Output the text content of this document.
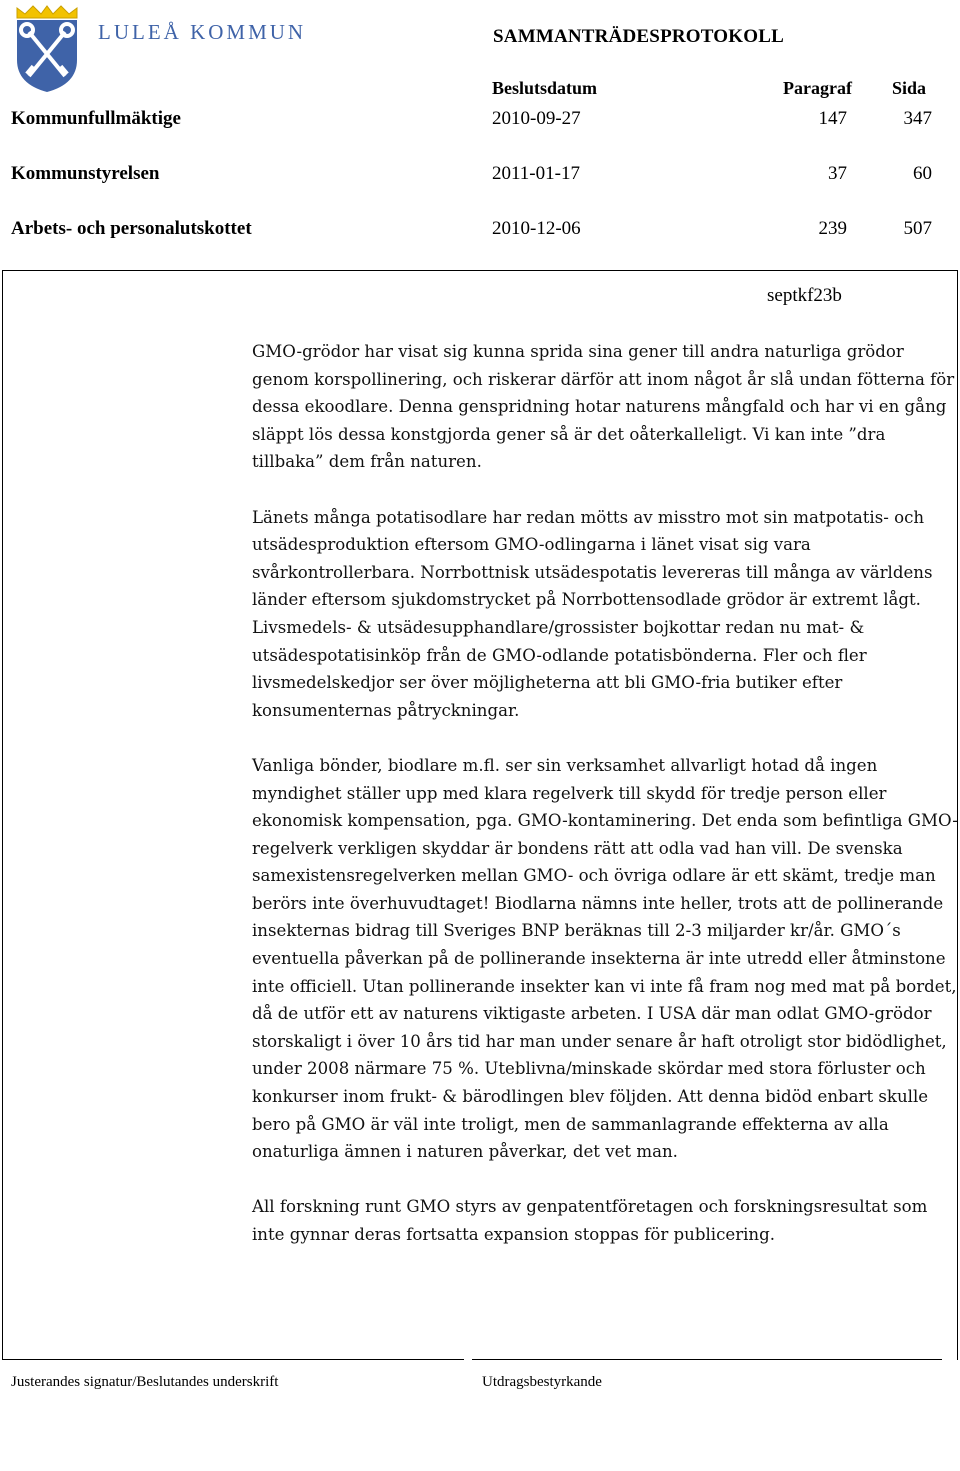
LULEÅ KOMMUN	SAMMANTRÄDESPROTOKOLL
Beslutsdatum	Paragraf Sida
Kommunfullmäktige	2010-09-27	147	347
Kommunstyrelsen	2011-01-17	37	60
Arbets- och personalutskottet	2010-12-06	239	507
septkf23b

GMO-grödor har visat sig kunna sprida sina gener till andra naturliga grödor genom korspollinering, och riskerar därför att inom något år slå undan fötterna för dessa ekoodlare. Denna genspridning hotar naturens mångfald och har vi en gång släppt lös dessa konstgjorda gener så är det oåterkalleligt. Vi kan inte ”dra tillbaka” dem från naturen.

Länets många potatisodlare har redan mötts av misstro mot sin matpotatis- och utsädesproduktion eftersom GMO-odlingarna i länet visat sig vara svårkontrollerbara. Norrbottnisk utsädespotatis levereras till många av världens länder eftersom sjukdomstrycket på Norrbottensodlade grödor är extremt lågt. Livsmedels- & utsädesupphandlare/grossister bojkottar redan nu mat- & utsädespotatisinköp från de GMO-odlande potatisbönderna. Fler och fler livsmedelskedjor ser över möjligheterna att bli GMO-fria butiker efter konsumenternas påtryckningar.

Vanliga bönder, biodlare m.fl. ser sin verksamhet allvarligt hotad då ingen myndighet ställer upp med klara regelverk till skydd för tredje person eller ekonomisk kompensation, pga. GMO-kontaminering. Det enda som befintliga GMO-regelverk verkligen skyddar är bondens rätt att odla vad han vill. De svenska samexistensregelverken mellan GMO- och övriga odlare är ett skämt, tredje man berörs inte överhuvudtaget! Biodlarna nämns inte heller, trots att de pollinerande insekternas bidrag till Sveriges BNP beräknas till 2-3 miljarder kr/år. GMO´s eventuella påverkan på de pollinerande insekterna är inte utredd eller åtminstone inte officiell. Utan pollinerande insekter kan vi inte få fram nog med mat på bordet, då de utför ett av naturens viktigaste arbeten. I USA där man odlat GMO-grödor storskaligt i över 10 års tid har man under senare år haft otroligt stor bidödlighet, under 2008 närmare 75 %. Uteblivna/minskade skördar med stora förluster och konkurser inom frukt- & bärodlingen blev följden. Att denna bidöd enbart skulle bero på GMO är väl inte troligt, men de sammanlagrande effekterna av alla onaturliga ämnen i naturen påverkar, det vet man.

All forskning runt GMO styrs av genpatentföretagen och forskningsresultat som inte gynnar deras fortsatta expansion stoppas för publicering.

Justerandes signatur/Beslutandes underskrift	Utdragsbestyrkande
